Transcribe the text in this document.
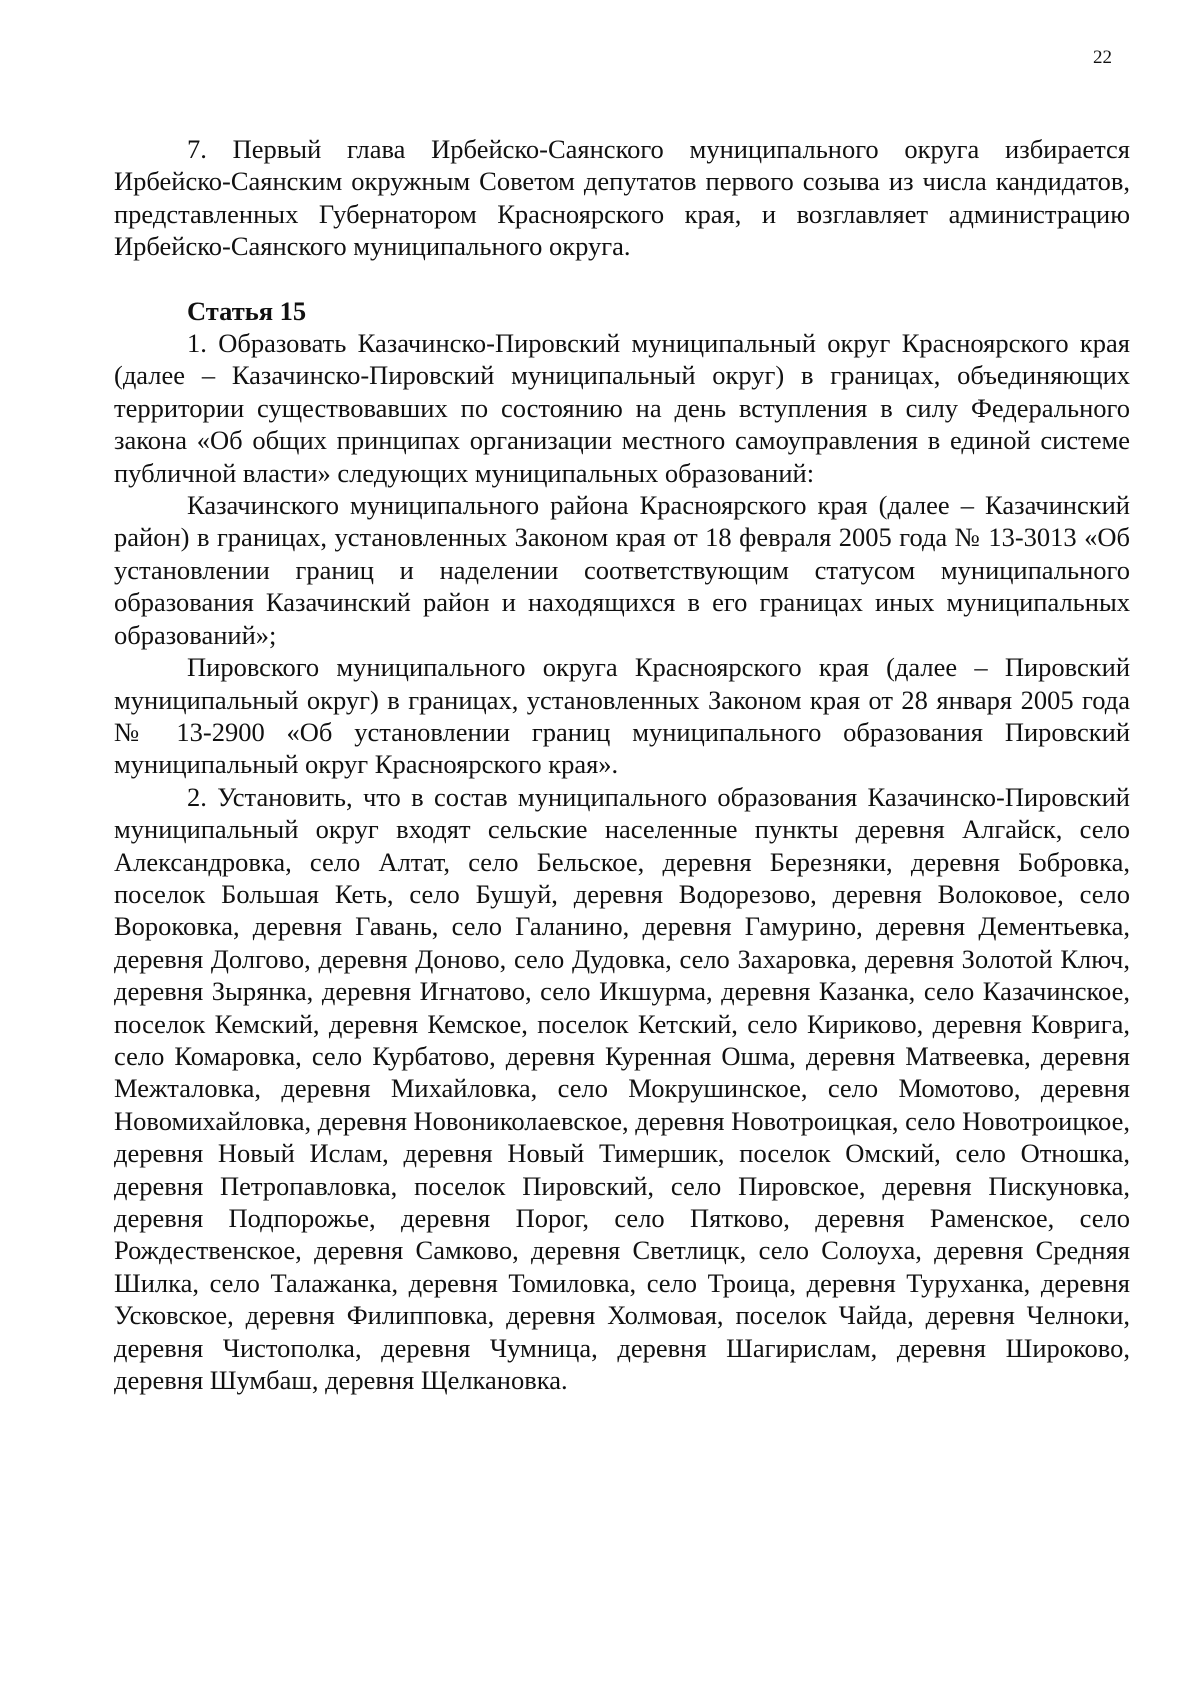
22

7. Первый глава Ирбейско-Саянского муниципального округа избирается Ирбейско-Саянским окружным Советом депутатов первого созыва из числа кандидатов, представленных Губернатором Красноярского края, и возглавляет администрацию Ирбейско-Саянского муниципального округа.

Статья 15

1. Образовать Казачинско-Пировский муниципальный округ Красноярского края (далее – Казачинско-Пировский муниципальный округ) в границах, объединяющих территории существовавших по состоянию на день вступления в силу Федерального закона «Об общих принципах организации местного самоуправления в единой системе публичной власти» следующих муниципальных образований:

Казачинского муниципального района Красноярского края (далее – Казачинский район) в границах, установленных Законом края от 18 февраля 2005 года № 13-3013 «Об установлении границ и наделении соответствующим статусом муниципального образования Казачинский район и находящихся в его границах иных муниципальных образований»;

Пировского муниципального округа Красноярского края (далее – Пировский муниципальный округ) в границах, установленных Законом края от 28 января 2005 года № 13-2900 «Об установлении границ муниципального образования Пировский муниципальный округ Красноярского края».

2. Установить, что в состав муниципального образования Казачинско-Пировский муниципальный округ входят сельские населенные пункты деревня Алгайск, село Александровка, село Алтат, село Бельское, деревня Березняки, деревня Бобровка, поселок Большая Кеть, село Бушуй, деревня Водорезово, деревня Волоковое, село Вороковка, деревня Гавань, село Галанино, деревня Гамурино, деревня Дементьевка, деревня Долгово, деревня Доново, село Дудовка, село Захаровка, деревня Золотой Ключ, деревня Зырянка, деревня Игнатово, село Икшурма, деревня Казанка, село Казачинское, поселок Кемский, деревня Кемское, поселок Кетский, село Кириково, деревня Коврига, село Комаровка, село Курбатово, деревня Куренная Ошма, деревня Матвеевка, деревня Межталовка, деревня Михайловка, село Мокрушинское, село Момотово, деревня Новомихайловка, деревня Новониколаевское, деревня Новотроицкая, село Новотроицкое, деревня Новый Ислам, деревня Новый Тимершик, поселок Омский, село Отношка, деревня Петропавловка, поселок Пировский, село Пировское, деревня Пискуновка, деревня Подпорожье, деревня Порог, село Пятково, деревня Раменское, село Рождественское, деревня Самково, деревня Светлицк, село Солоуха, деревня Средняя Шилка, село Талажанка, деревня Томиловка, село Троица, деревня Туруханка, деревня Усковское, деревня Филипповка, деревня Холмовая, поселок Чайда, деревня Челноки, деревня Чистополка, деревня Чумница, деревня Шагирислам, деревня Широково, деревня Шумбаш, деревня Щелкановка.
